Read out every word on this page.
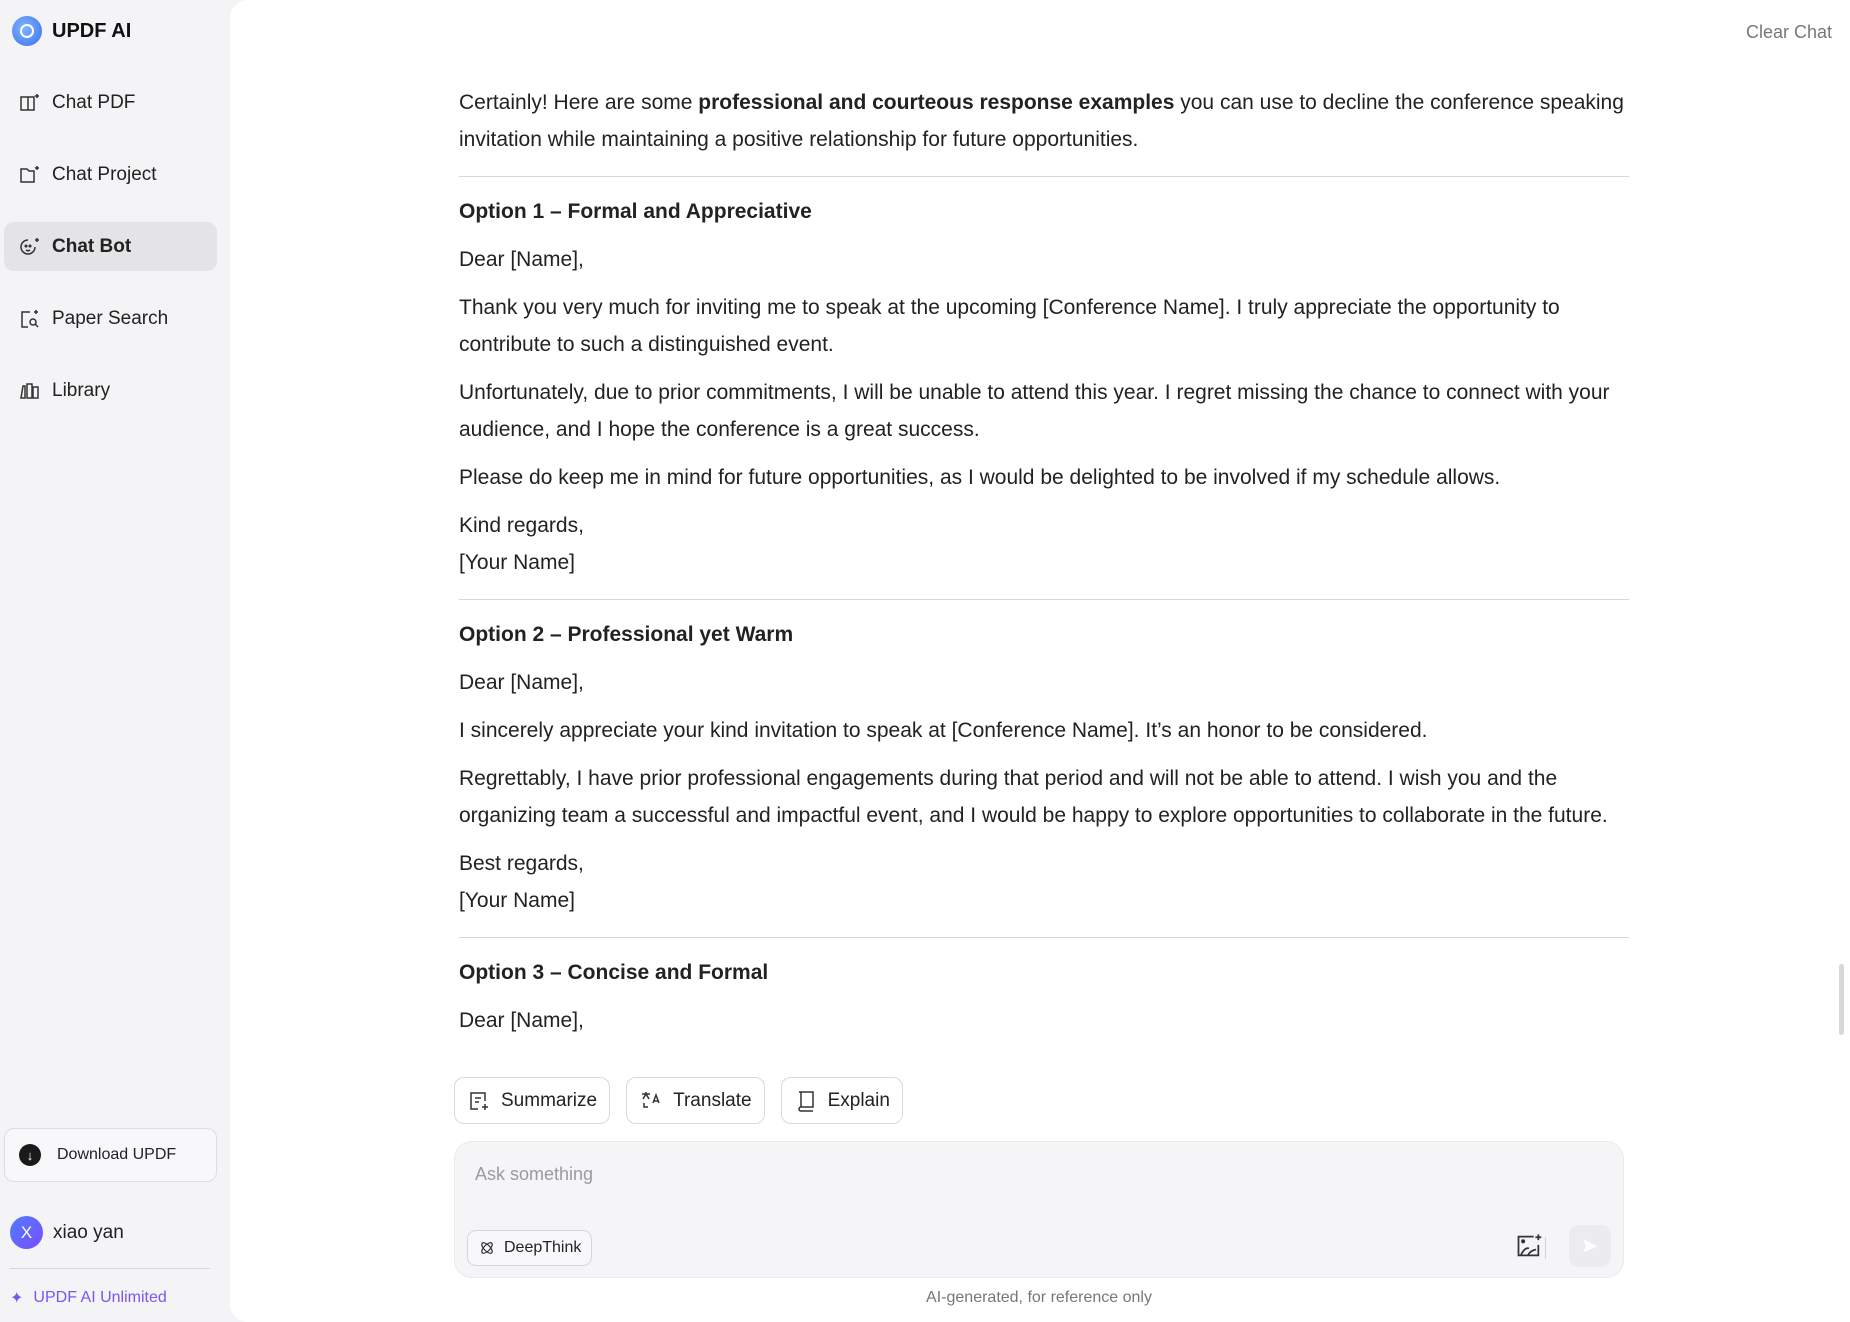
UPDF AI
Chat PDF
Chat Project
Chat Bot
Paper Search
Library
↓	Download UPDF
X	xiao yan
✦ UPDF AI Unlimited
Clear Chat

Certainly! Here are some professional and courteous response examples you can use to decline the conference speaking invitation while maintaining a positive relationship for future opportunities.

Option 1 – Formal and Appreciative

Dear [Name],

Thank you very much for inviting me to speak at the upcoming [Conference Name]. I truly appreciate the opportunity to contribute to such a distinguished event.

Unfortunately, due to prior commitments, I will be unable to attend this year. I regret missing the chance to connect with your audience, and I hope the conference is a great success.

Please do keep me in mind for future opportunities, as I would be delighted to be involved if my schedule allows.

Kind regards,
[Your Name]

Option 2 – Professional yet Warm

Dear [Name],

I sincerely appreciate your kind invitation to speak at [Conference Name]. It’s an honor to be considered.

Regrettably, I have prior professional engagements during that period and will not be able to attend. I wish you and the organizing team a successful and impactful event, and I would be happy to explore opportunities to collaborate in the future.

Best regards,
[Your Name]

Option 3 – Concise and Formal

Dear [Name],

Summarize	Translate	Explain
Ask something
DeepThink
AI-generated, for reference only
